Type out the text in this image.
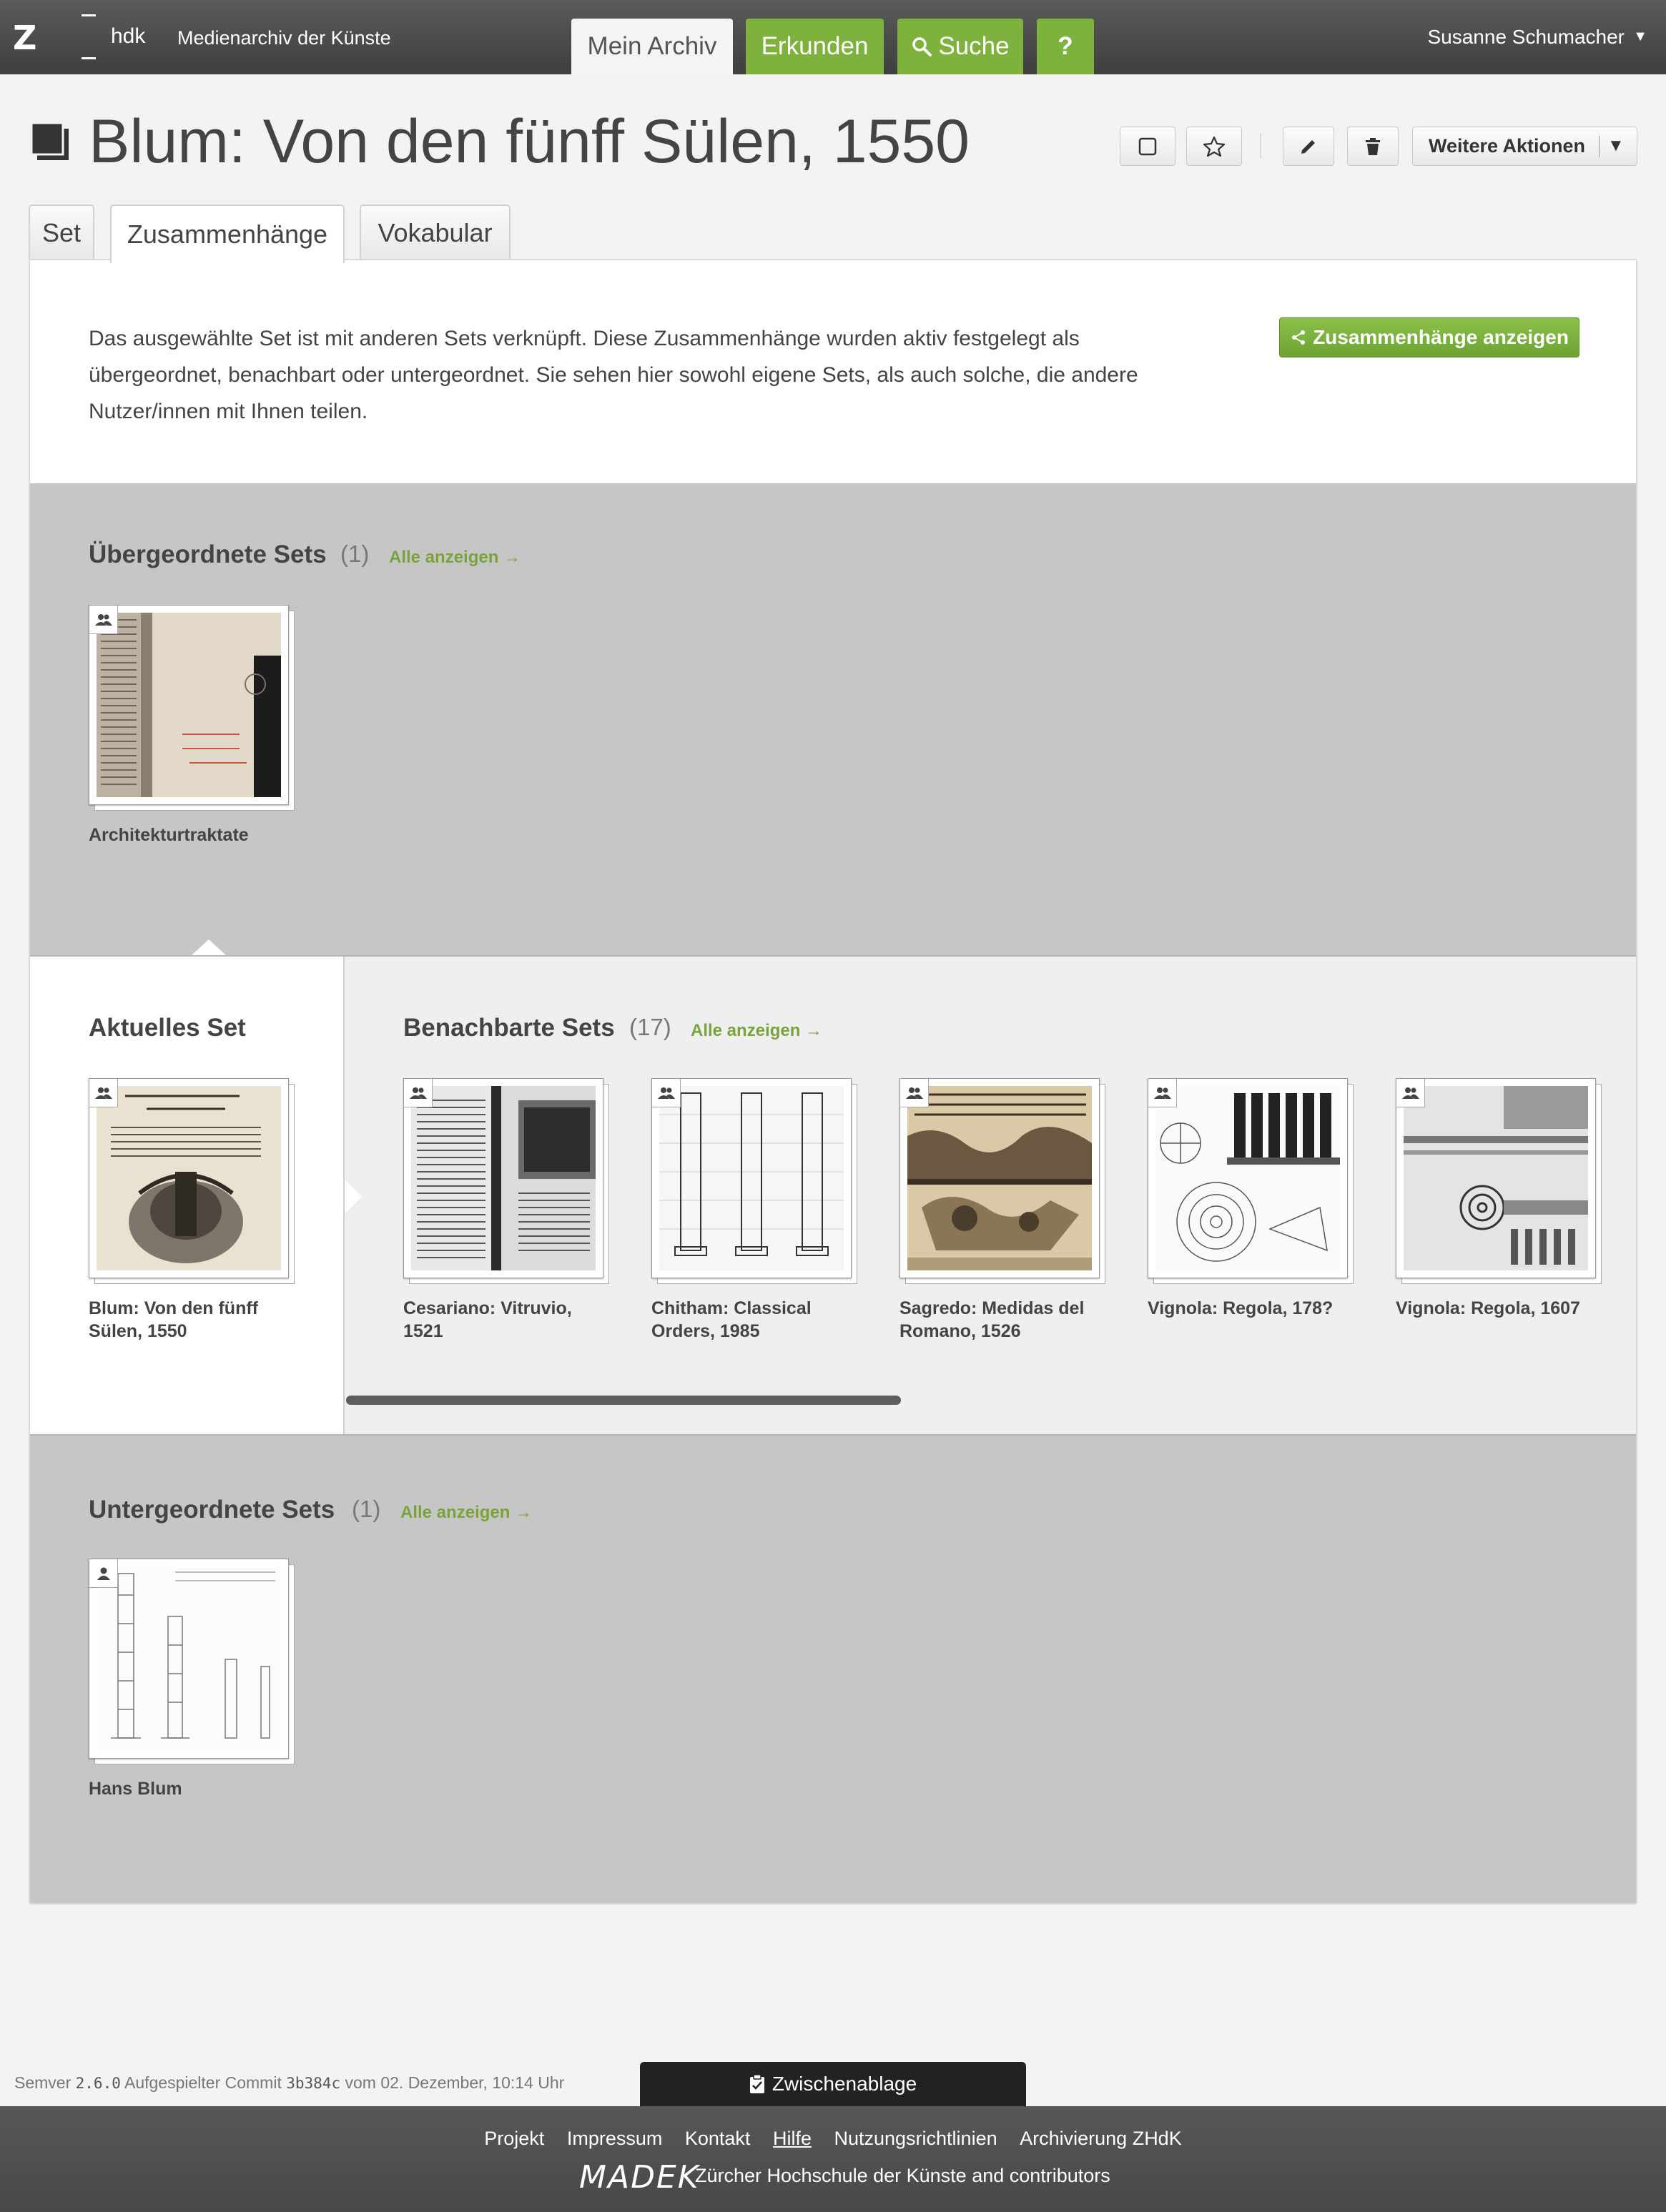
Z	hdk Medienarchiv der Künste	Mein Archiv	Erkunden	Suche	?	Susanne Schumacher ▼
Blum: Von den fünff Sülen, 1550	Weitere Aktionen ▼
Set	Zusammenhänge	Vokabular

Das ausgewählte Set ist mit anderen Sets verknüpft. Diese Zusammenhänge wurden aktiv festgelegt als übergeordnet, benachbart oder untergeordnet. Sie sehen hier sowohl eigene Sets, als auch solche, die andere Nutzer/innen mit Ihnen teilen.

Zusammenhänge anzeigen
Übergeordnete Sets (1) Alle anzeigen →
Architekturtraktate
Aktuelles Set
Blum: Von den fünff Sülen, 1550
Benachbarte Sets (17) Alle anzeigen →
Cesariano: Vitruvio, 1521
Chitham: Classical Orders, 1985
Sagredo: Medidas del Romano, 1526
Vignola: Regola, 178?	Vignola: Regola, 1607
Untergeordnete Sets (1) Alle anzeigen →
Hans Blum
Semver 2.6.0 Aufgespielter Commit 3b384c vom 02. Dezember, 10:14 Uhr	Zwischenablage
Projekt Impressum Kontakt Hilfe Nutzungsrichtlinien Archivierung ZHdK
MADEK
Zürcher Hochschule der Künste and contributors
